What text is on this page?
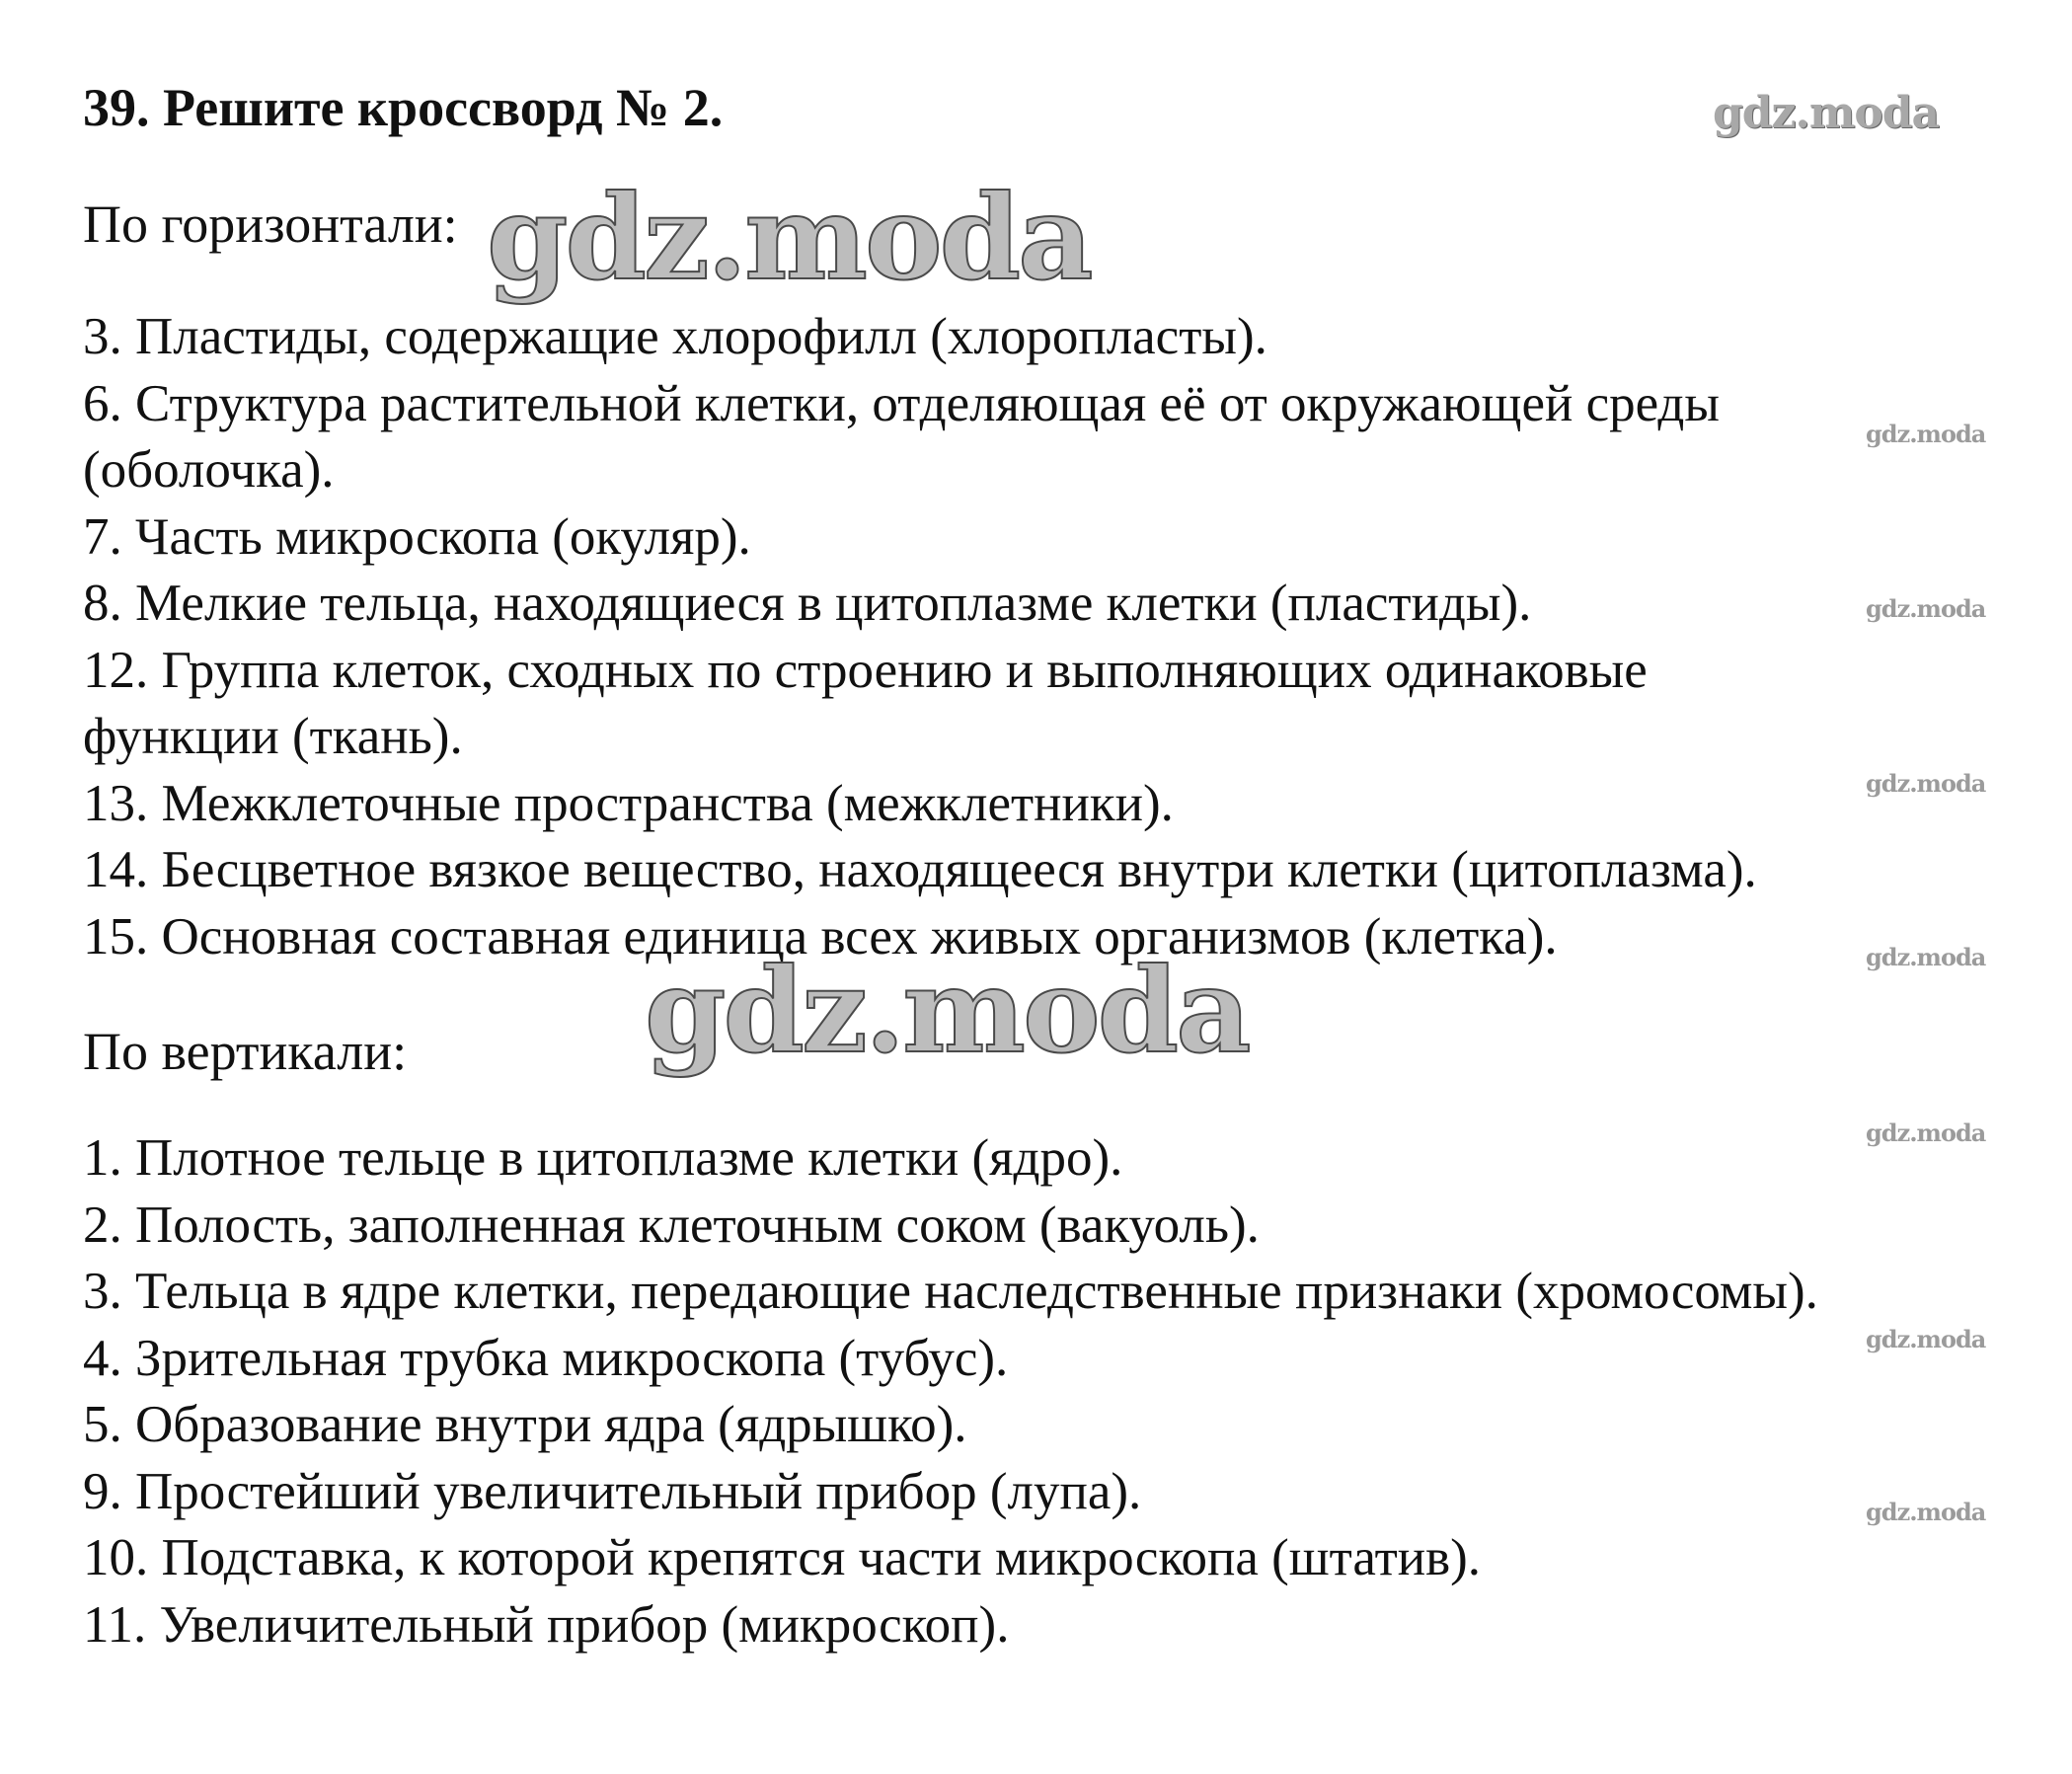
39. Решите кроссворд № 2.	gdz.moda
По горизонтали: gdz.moda
3. Пластиды, содержащие хлорофилл (хлоропласты).
6. Структура растительной клетки, отделяющая её от окружающей среды
(оболочка).
7. Часть микроскопа (окуляр).
8. Мелкие тельца, находящиеся в цитоплазме клетки (пластиды).
12. Группа клеток, сходных по строению и выполняющих одинаковые
функции (ткань).
13. Межклеточные пространства (межклетники).
14. Бесцветное вязкое вещество, находящееся внутри клетки (цитоплазма).
15. Основная составная единица всех живых организмов (клетка).
По вертикали: gdz.moda
1. Плотное тельце в цитоплазме клетки (ядро).
2. Полость, заполненная клеточным соком (вакуоль).
3. Тельца в ядре клетки, передающие наследственные признаки (хромосомы).
4. Зрительная трубка микроскопа (тубус).
5. Образование внутри ядра (ядрышко).
9. Простейший увеличительный прибор (лупа).
10. Подставка, к которой крепятся части микроскопа (штатив).
11. Увеличительный прибор (микроскоп).
gdz.moda
gdz.moda
gdz.moda
gdz.moda
gdz.moda
gdz.moda
gdz.moda
